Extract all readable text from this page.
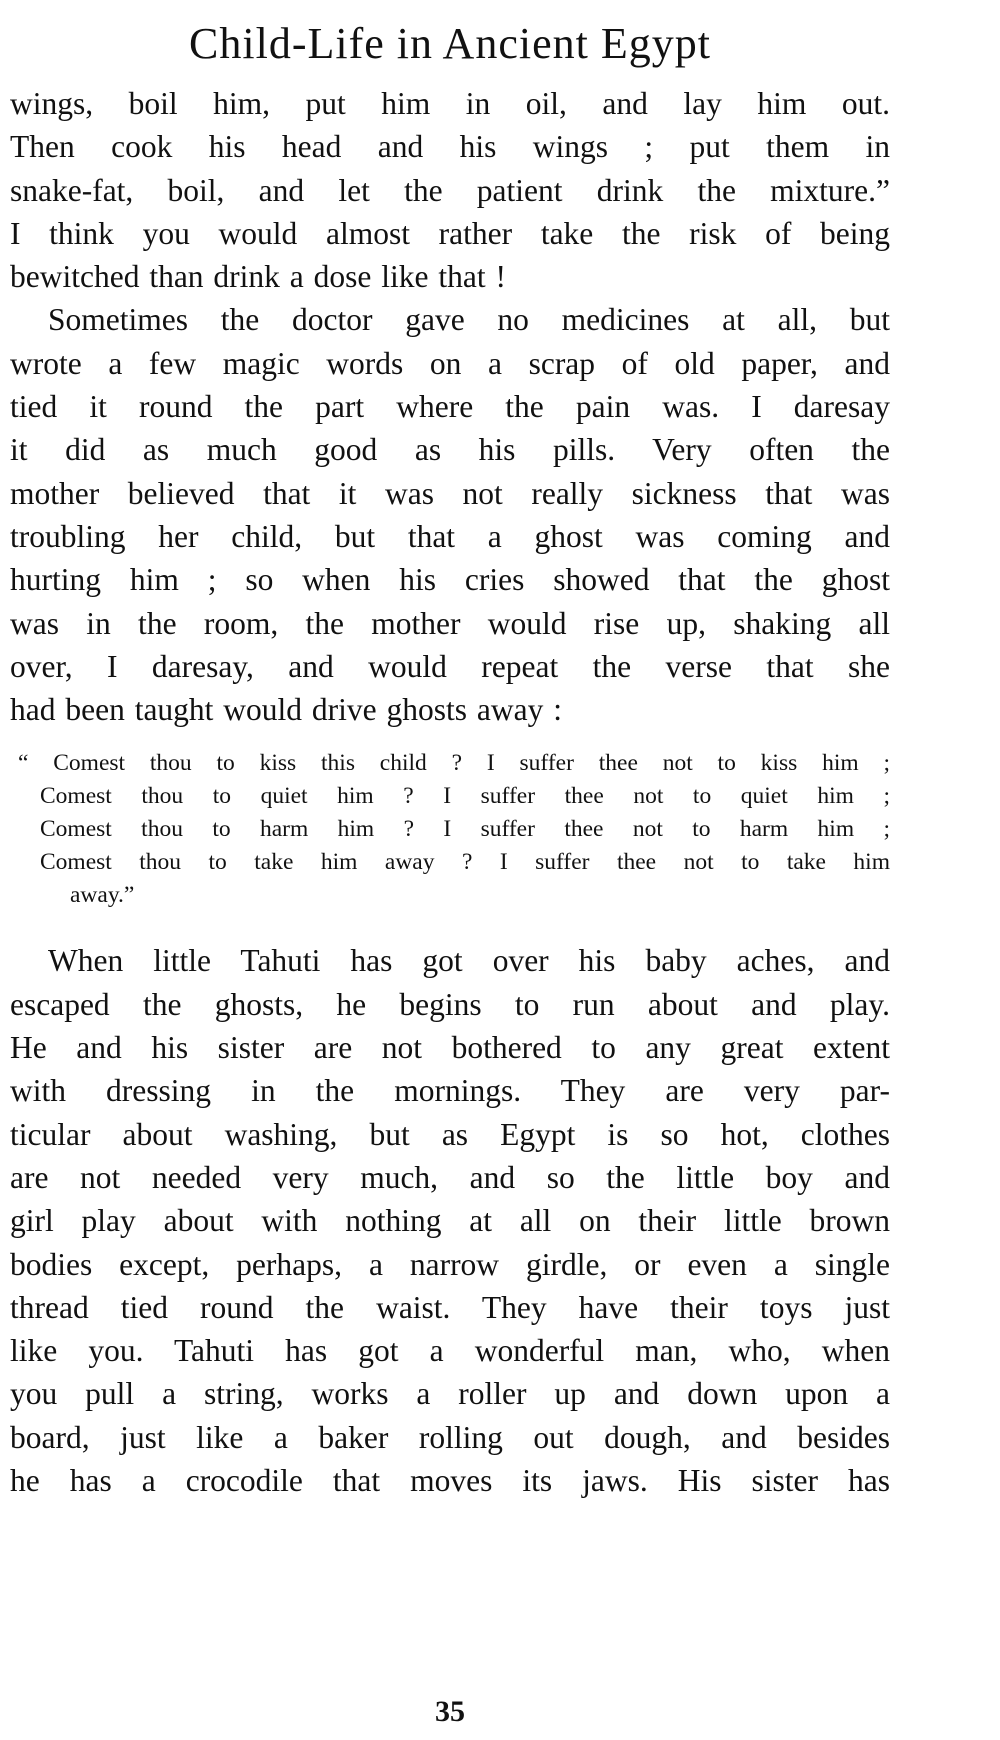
Child-Life in Ancient Egypt

wings, boil him, put him in oil, and lay him out.
Then cook his head and his wings ; put them in
snake-fat, boil, and let the patient drink the mixture.”
I think you would almost rather take the risk of being
bewitched than drink a dose like that !

Sometimes the doctor gave no medicines at all, but
wrote a few magic words on a scrap of old paper, and
tied it round the part where the pain was. I daresay
it did as much good as his pills. Very often the
mother believed that it was not really sickness that was
troubling her child, but that a ghost was coming and
hurting him ; so when his cries showed that the ghost
was in the room, the mother would rise up, shaking all
over, I daresay, and would repeat the verse that she
had been taught would drive ghosts away :

“ Comest thou to kiss this child ? I suffer thee not to kiss him ;
Comest thou to quiet him ? I suffer thee not to quiet him ;
Comest thou to harm him ? I suffer thee not to harm him ;
Comest thou to take him away ? I suffer thee not to take him
away.”

When little Tahuti has got over his baby aches, and
escaped the ghosts, he begins to run about and play.
He and his sister are not bothered to any great extent
with dressing in the mornings. They are very par-
ticular about washing, but as Egypt is so hot, clothes
are not needed very much, and so the little boy and
girl play about with nothing at all on their little brown
bodies except, perhaps, a narrow girdle, or even a single
thread tied round the waist. They have their toys just
like you. Tahuti has got a wonderful man, who, when
you pull a string, works a roller up and down upon a
board, just like a baker rolling out dough, and besides
he has a crocodile that moves its jaws. His sister has

35
